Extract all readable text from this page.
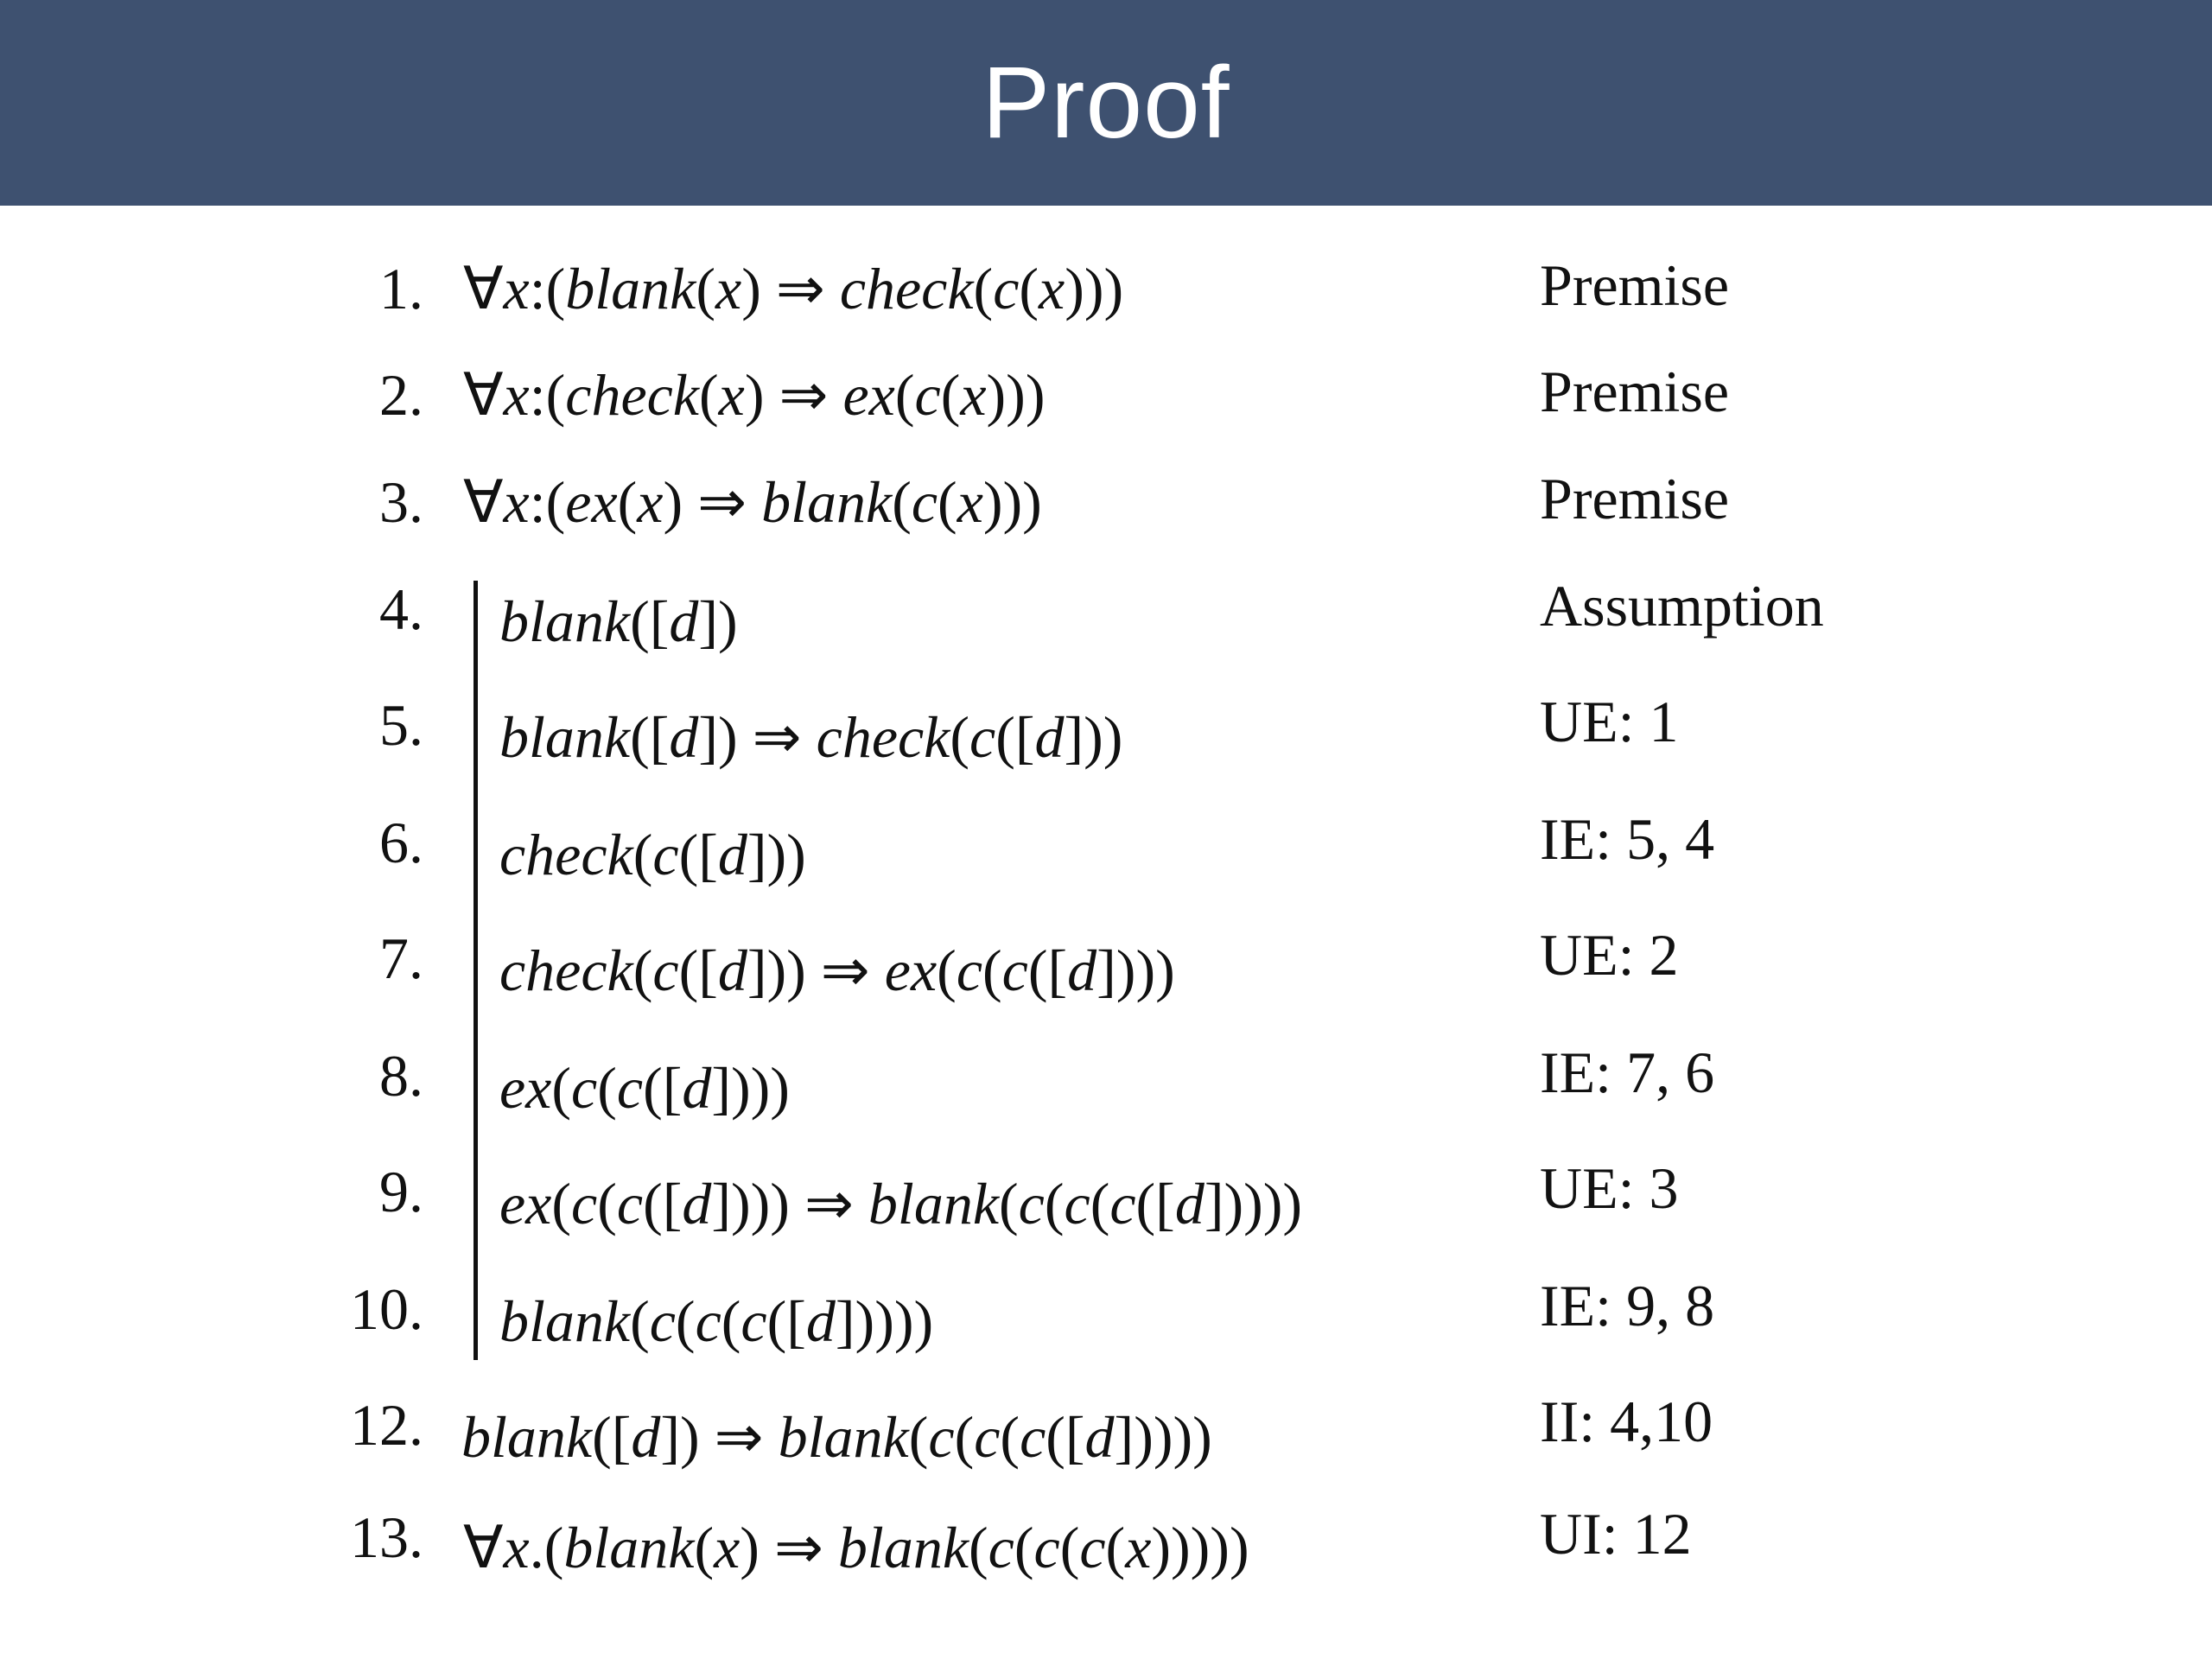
Proof
1. ∀x:(blank(x) ⇒ check(c(x)))	Premise
2. ∀x:(check(x) ⇒ ex(c(x)))	Premise
3. ∀x:(ex(x) ⇒ blank(c(x)))	Premise
4. blank([d])	Assumption
5. blank([d]) ⇒ check(c([d]))	UE: 1
6. check(c([d]))	IE: 5, 4
7. check(c([d])) ⇒ ex(c(c([d])))	UE: 2
8. ex(c(c([d])))	IE: 7, 6
9. ex(c(c([d]))) ⇒ blank(c(c(c([d]))))	UE: 3
10. blank(c(c(c([d]))))	IE: 9, 8
12. blank([d]) ⇒ blank(c(c(c([d]))))	II: 4,10
13. ∀x.(blank(x) ⇒ blank(c(c(c(x)))))	UI: 12
